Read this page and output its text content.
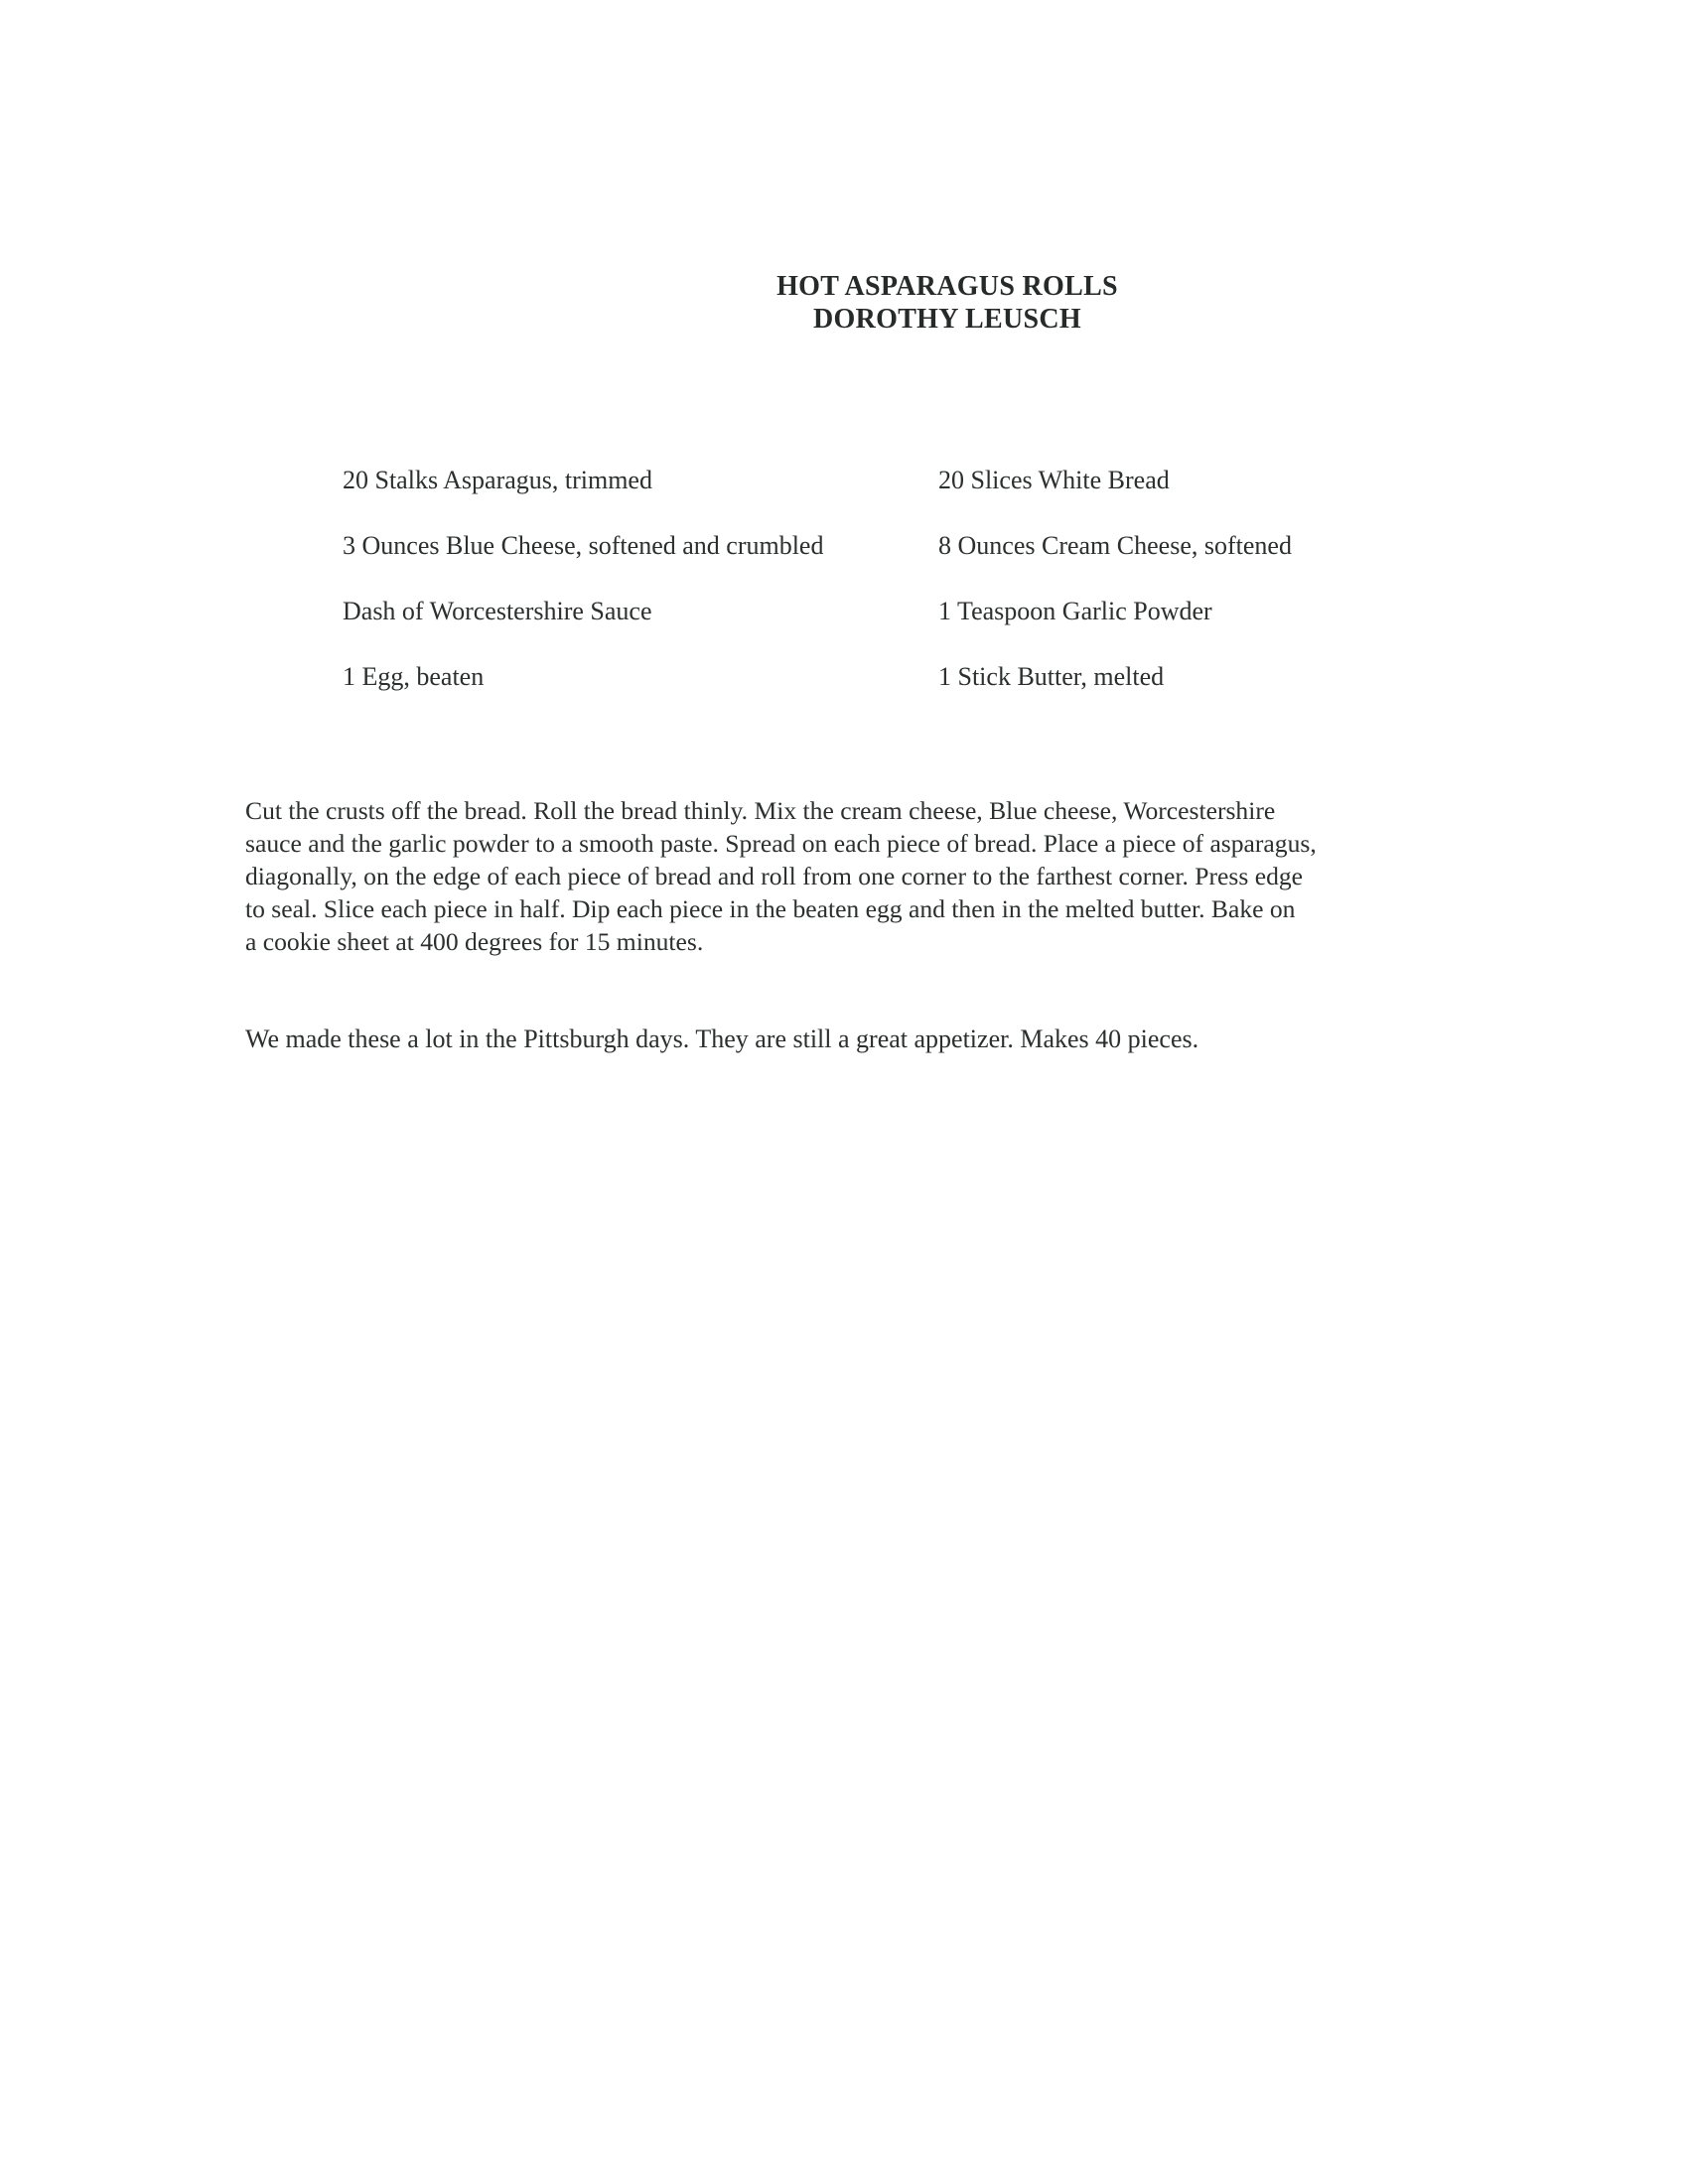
HOT ASPARAGUS ROLLS
DOROTHY LEUSCH
20 Stalks Asparagus, trimmed	20 Slices White Bread
3 Ounces Blue Cheese, softened and crumbled	8 Ounces Cream Cheese, softened
Dash of Worcestershire Sauce	1 Teaspoon Garlic Powder
1 Egg, beaten	1 Stick Butter, melted
Cut the crusts off the bread. Roll the bread thinly. Mix the cream cheese, Blue cheese, Worcestershire
sauce and the garlic powder to a smooth paste. Spread on each piece of bread. Place a piece of asparagus,
diagonally, on the edge of each piece of bread and roll from one corner to the farthest corner. Press edge
to seal. Slice each piece in half. Dip each piece in the beaten egg and then in the melted butter. Bake on
a cookie sheet at 400 degrees for 15 minutes.
We made these a lot in the Pittsburgh days. They are still a great appetizer. Makes 40 pieces.
